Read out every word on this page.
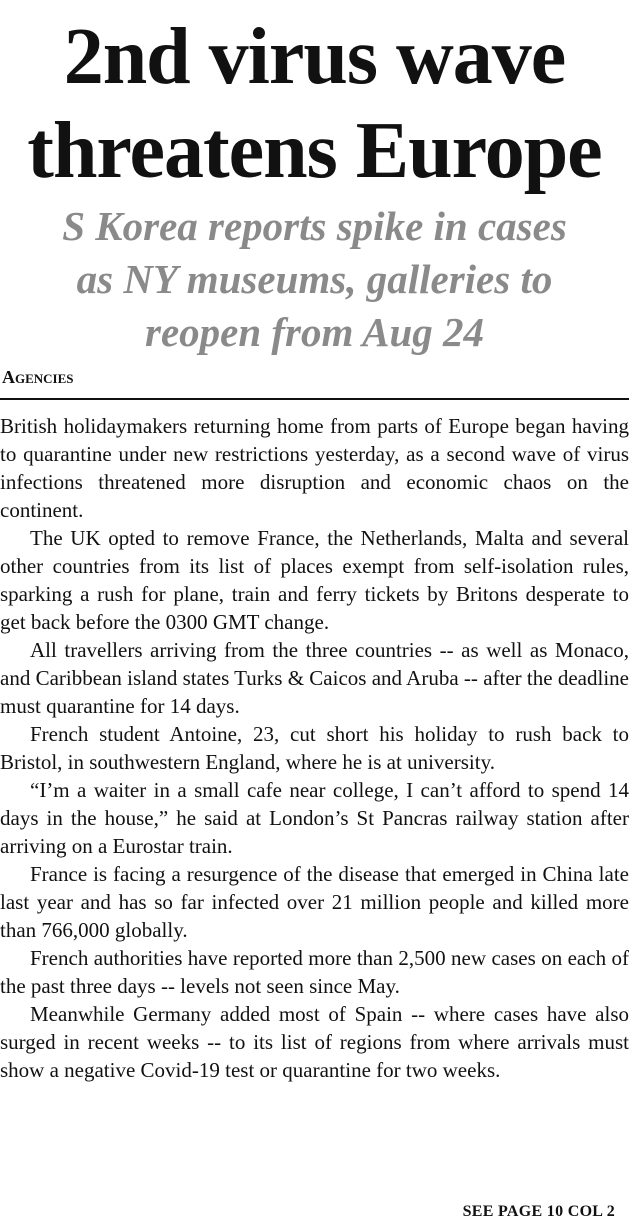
2nd virus wave
threatens Europe
S Korea reports spike in cases
as NY museums, galleries to
reopen from Aug 24
Agencies

British holidaymakers returning home from parts of Europe began having to quarantine under new restrictions yesterday, as a second wave of virus infections threatened more disruption and economic chaos on the continent.

The UK opted to remove France, the Netherlands, Malta and several other countries from its list of places exempt from self-isolation rules, sparking a rush for plane, train and ferry tickets by Britons desperate to get back before the 0300 GMT change.

All travellers arriving from the three countries -- as well as Monaco, and Caribbean island states Turks & Caicos and Aruba -- after the deadline must quarantine for 14 days.

French student Antoine, 23, cut short his holiday to rush back to Bristol, in southwestern England, where he is at university.

“I’m a waiter in a small cafe near college, I can’t afford to spend 14 days in the house,” he said at London’s St Pancras railway station after arriving on a Eurostar train.

France is facing a resurgence of the disease that emerged in China late last year and has so far infected over 21 million people and killed more than 766,000 globally.

French authorities have reported more than 2,500 new cases on each of the past three days -- levels not seen since May.

Meanwhile Germany added most of Spain -- where cases have also surged in recent weeks -- to its list of regions from where arrivals must show a negative Covid-19 test or quarantine for two weeks.

SEE PAGE 10 COL 2
